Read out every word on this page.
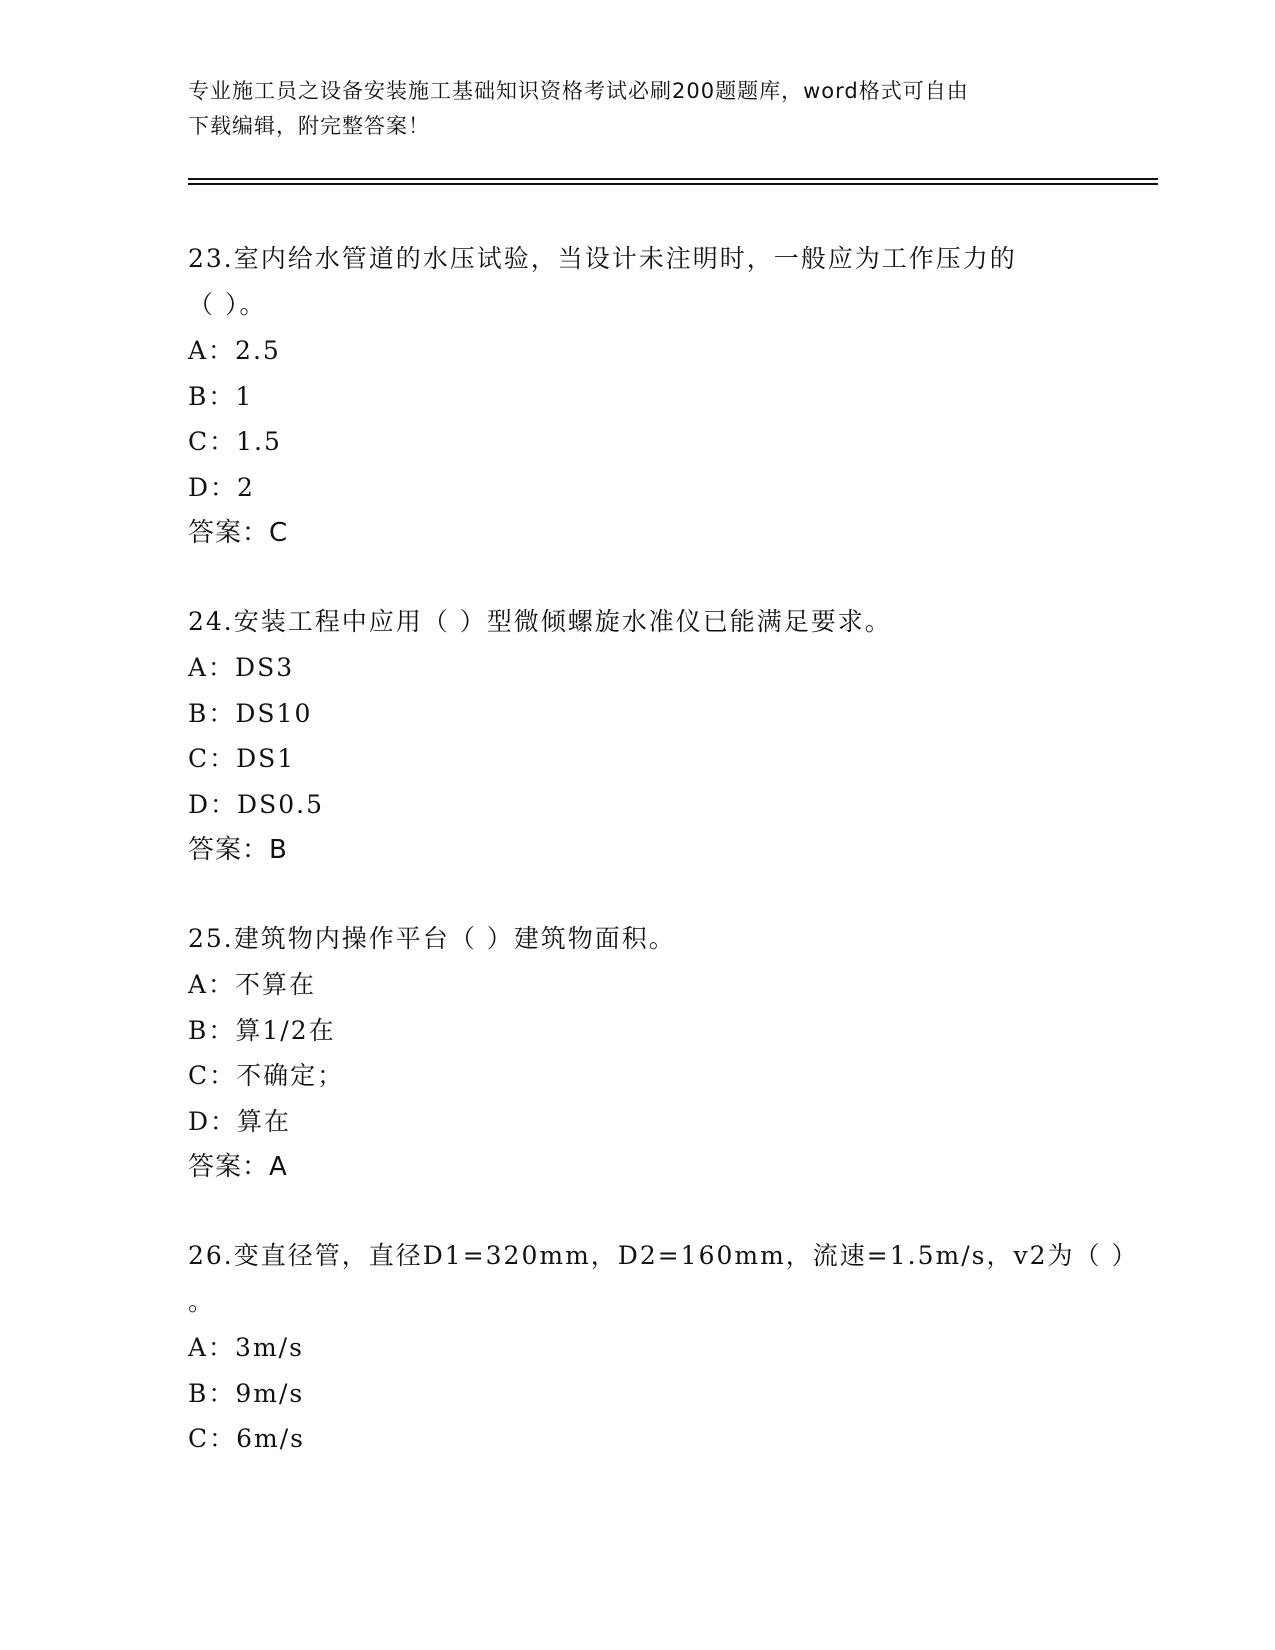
专业施工员之设备安装施工基础知识资格考试必刷200题题库，word格式可自由
下载编辑，附完整答案！
23.室内给水管道的水压试验，当设计未注明时，一般应为工作压力的
（ ）。
A：2.5
B：1
C：1.5
D：2
答案：C
24.安装工程中应用（ ）型微倾螺旋水准仪已能满足要求。
A：DS3
B：DS10
C：DS1
D：DS0.5
答案：B
25.建筑物内操作平台（ ）建筑物面积。
A：不算在
B：算1/2在
C：不确定；
D：算在
答案：A
26.变直径管，直径D1=320mm，D2=160mm，流速=1.5m/s，v2为（ ）
。
A：3m/s
B：9m/s
C：6m/s
